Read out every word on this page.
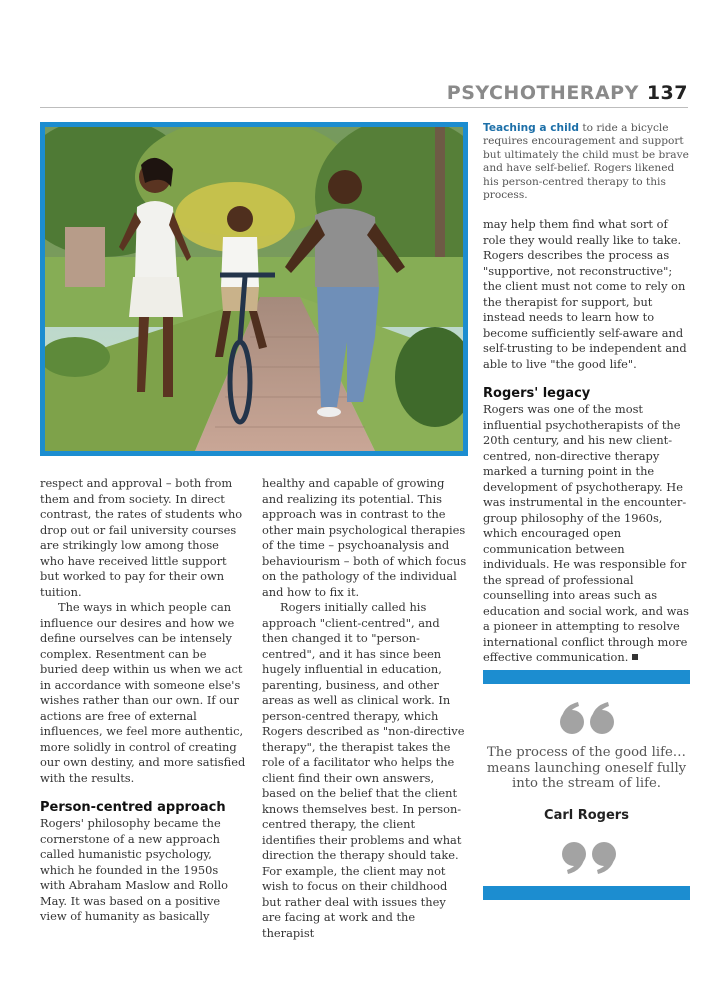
PSYCHOTHERAPY 137
Teaching a child to ride a bicycle requires encouragement and support but ultimately the child must be brave and have self-belief. Rogers likened his person-centred therapy to this process.

respect and approval – both from them and from society. In direct contrast, the rates of students who drop out or fail university courses are strikingly low among those who have received little support but worked to pay for their own tuition.

The ways in which people can influence our desires and how we define ourselves can be intensely complex. Resentment can be buried deep within us when we act in accordance with someone else's wishes rather than our own. If our actions are free of external influences, we feel more authentic, more solidly in control of creating our own destiny, and more satisfied with the results.

Person-centred approach

Rogers' philosophy became the cornerstone of a new approach called humanistic psychology, which he founded in the 1950s with Abraham Maslow and Rollo May. It was based on a positive view of humanity as basically

healthy and capable of growing and realizing its potential. This approach was in contrast to the other main psychological therapies of the time – psychoanalysis and behaviourism – both of which focus on the pathology of the individual and how to fix it.

Rogers initially called his approach "client-centred", and then changed it to "person-centred", and it has since been hugely influential in education, parenting, business, and other areas as well as clinical work. In person-centred therapy, which Rogers described as "non-directive therapy", the therapist takes the role of a facilitator who helps the client find their own answers, based on the belief that the client knows themselves best. In person-centred therapy, the client identifies their problems and what direction the therapy should take. For example, the client may not wish to focus on their childhood but rather deal with issues they are facing at work and the therapist

may help them find what sort of role they would really like to take. Rogers describes the process as "supportive, not reconstructive"; the client must not come to rely on the therapist for support, but instead needs to learn how to become sufficiently self-aware and self-trusting to be independent and able to live "the good life".

Rogers' legacy

Rogers was one of the most influential psychotherapists of the 20th century, and his new client-centred, non-directive therapy marked a turning point in the development of psychotherapy. He was instrumental in the encounter-group philosophy of the 1960s, which encouraged open communication between individuals. He was responsible for the spread of professional counselling into areas such as education and social work, and was a pioneer in attempting to resolve international conflict through more effective communication.

The process of the good life… means launching oneself fully into the stream of life.
Carl Rogers
